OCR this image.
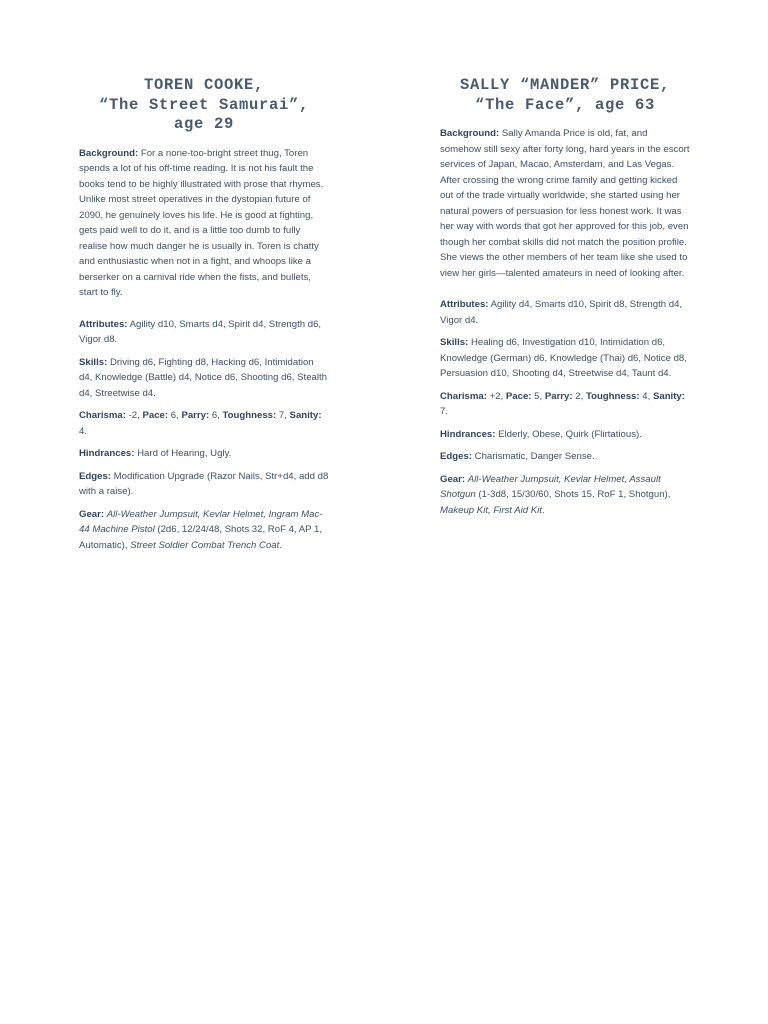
TOREN COOKE,
“The Street Samurai”,
age 29

Background: For a none-too-bright street thug, Toren spends a lot of his off-time reading. It is not his fault the books tend to be highly illustrated with prose that rhymes. Unlike most street operatives in the dystopian future of 2090, he genuinely loves his life. He is good at fighting, gets paid well to do it, and is a little too dumb to fully realise how much danger he is usually in. Toren is chatty and enthusiastic when not in a fight, and whoops like a berserker on a carnival ride when the fists, and bullets, start to fly.

Attributes: Agility d10, Smarts d4, Spirit d4, Strength d6, Vigor d8.

Skills: Driving d6, Fighting d8, Hacking d6, Intimidation d4, Knowledge (Battle) d4, Notice d6, Shooting d6, Stealth d4, Streetwise d4.

Charisma: -2, Pace: 6, Parry: 6, Toughness: 7, Sanity: 4.

Hindrances: Hard of Hearing, Ugly.

Edges: Modification Upgrade (Razor Nails, Str+d4, add d8 with a raise).

Gear: All-Weather Jumpsuit, Kevlar Helmet, Ingram Mac-44 Machine Pistol (2d6, 12/24/48, Shots 32, RoF 4, AP 1, Automatic), Street Soldier Combat Trench Coat.

SALLY “MANDER” PRICE,
“The Face”, age 63

Background: Sally Amanda Price is old, fat, and somehow still sexy after forty long, hard years in the escort services of Japan, Macao, Amsterdam, and Las Vegas. After crossing the wrong crime family and getting kicked out of the trade virtually worldwide, she started using her natural powers of persuasion for less honest work. It was her way with words that got her approved for this job, even though her combat skills did not match the position profile. She views the other members of her team like she used to view her girls—talented amateurs in need of looking after.

Attributes: Agility d4, Smarts d10, Spirit d8, Strength d4, Vigor d4.

Skills: Healing d6, Investigation d10, Intimidation d6, Knowledge (German) d6, Knowledge (Thai) d6, Notice d8, Persuasion d10, Shooting d4, Streetwise d4, Taunt d4.

Charisma: +2, Pace: 5, Parry: 2, Toughness: 4, Sanity: 7.

Hindrances: Elderly, Obese, Quirk (Flirtatious).

Edges: Charismatic, Danger Sense.

Gear: All-Weather Jumpsuit, Kevlar Helmet, Assault Shotgun (1-3d8, 15/30/60, Shots 15, RoF 1, Shotgun), Makeup Kit, First Aid Kit.
